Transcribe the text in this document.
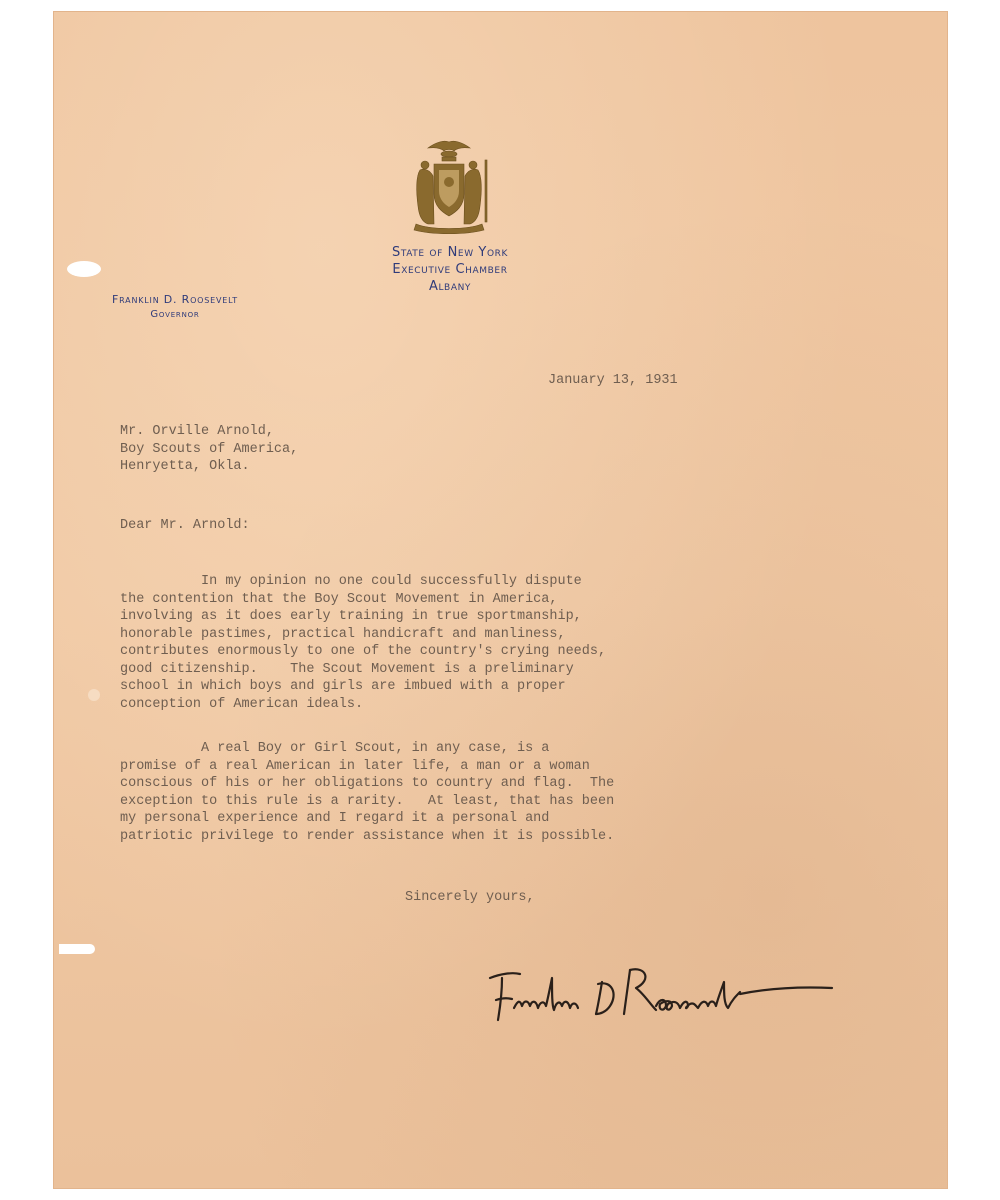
State of New York
Executive Chamber
Albany
Franklin D. Roosevelt
Governor
January 13, 1931
Mr. Orville Arnold,
Boy Scouts of America,
Henryetta, Okla.
Dear Mr. Arnold:
In my opinion no one could successfully dispute
the contention that the Boy Scout Movement in America,
involving as it does early training in true sportmanship,
honorable pastimes, practical handicraft and manliness,
contributes enormously to one of the country's crying needs,
good citizenship.    The Scout Movement is a preliminary
school in which boys and girls are imbued with a proper
conception of American ideals.
A real Boy or Girl Scout, in any case, is a
promise of a real American in later life, a man or a woman
conscious of his or her obligations to country and flag.  The
exception to this rule is a rarity.   At least, that has been
my personal experience and I regard it a personal and
patriotic privilege to render assistance when it is possible.
Sincerely yours,
